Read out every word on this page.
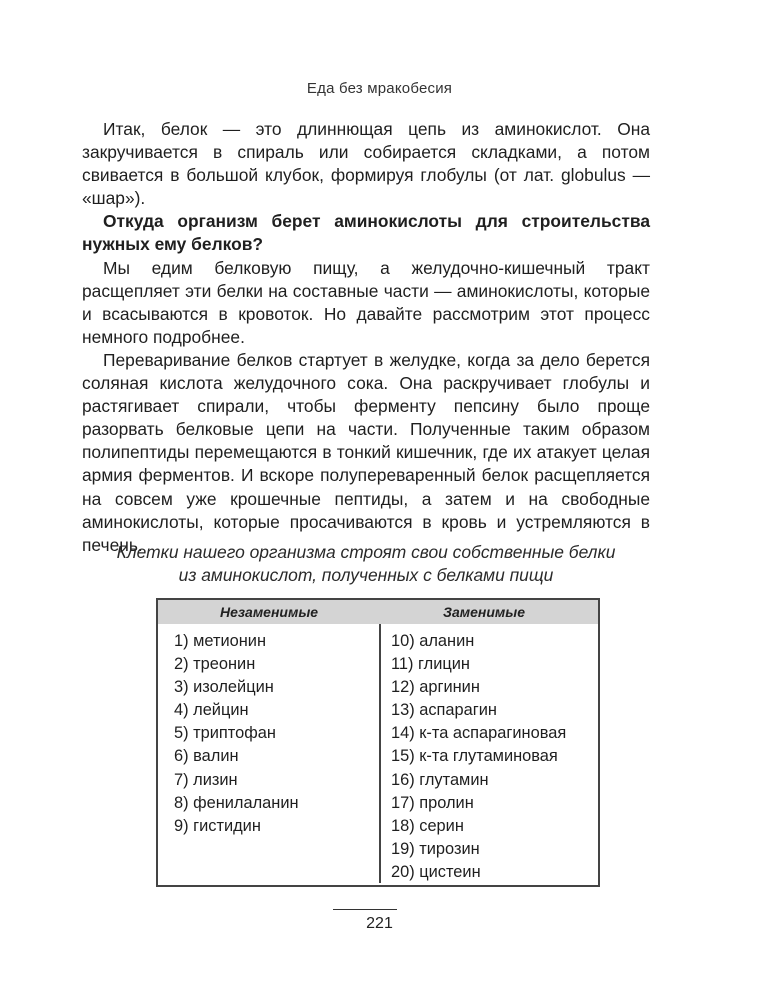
Еда без мракобесия

Итак, белок — это длиннющая цепь из аминокислот. Она закручивается в спираль или собирается складками, а потом свивается в большой клубок, формируя глобулы (от лат. globulus — «шар»).

Откуда организм берет аминокислоты для строительства нужных ему белков?

Мы едим белковую пищу, а желудочно-кишечный тракт расщепляет эти белки на составные части — аминокислоты, которые и всасываются в кровоток. Но давайте рассмотрим этот процесс немного подробнее.

Переваривание белков стартует в желудке, когда за дело берется соляная кислота желудочного сока. Она раскручивает глобулы и растягивает спирали, чтобы ферменту пепсину было проще разорвать белковые цепи на части. Полученные таким образом полипептиды перемещаются в тонкий кишечник, где их атакует целая армия ферментов. И вскоре полупереваренный белок расщепляется на совсем уже крошечные пептиды, а затем и на свободные аминокислоты, которые просачиваются в кровь и устремляются в печень.

Клетки нашего организма строят свои собственные белки
из аминокислот, полученных с белками пищи
Незаменимые	Заменимые
1) метионин
2) треонин
3) изолейцин
4) лейцин
5) триптофан
6) валин
7) лизин
8) фенилаланин
9) гистидин
10) аланин
11) глицин
12) аргинин
13) аспарагин
14) к-та аспарагиновая
15) к-та глутаминовая
16) глутамин
17) пролин
18) серин
19) тирозин
20) цистеин
221
